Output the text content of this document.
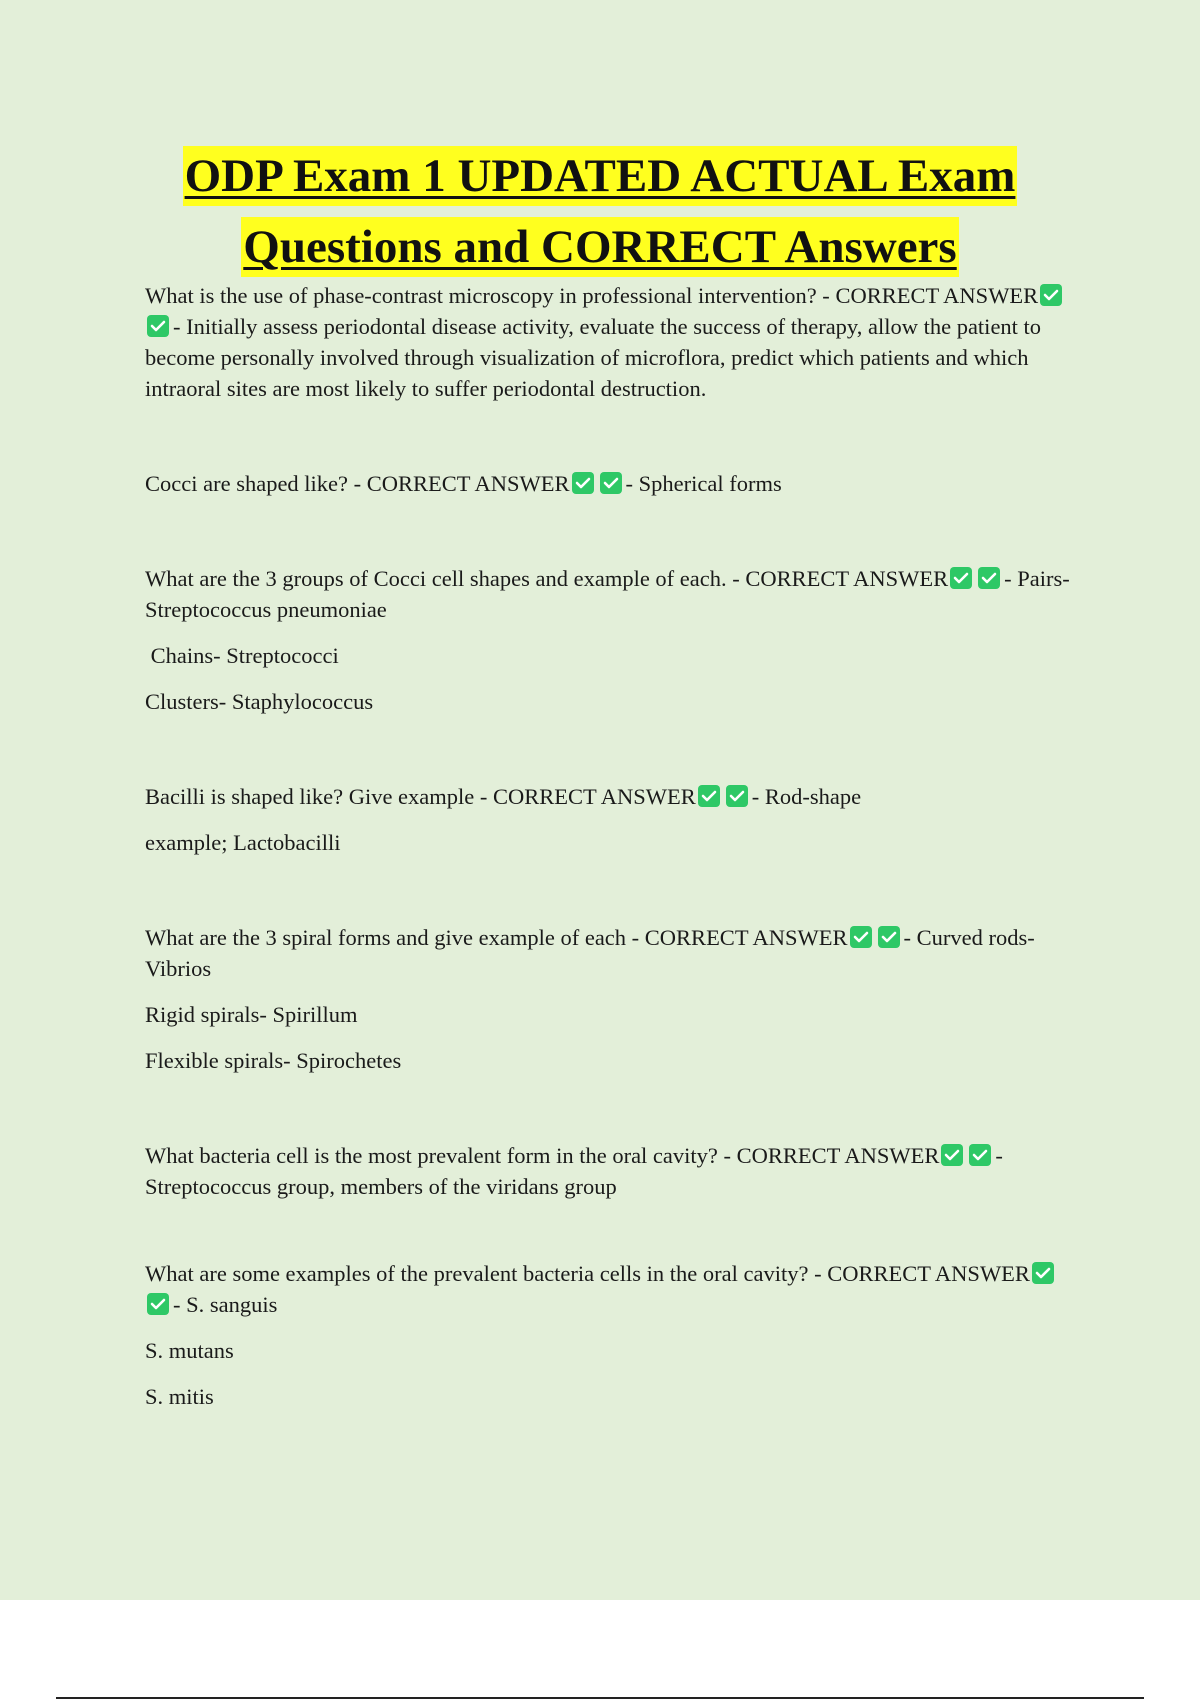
ODP Exam 1 UPDATED ACTUAL Exam
Questions and CORRECT Answers

What is the use of phase-contrast microscopy in professional intervention? - CORRECT ANSWER
- Initially assess periodontal disease activity, evaluate the success of therapy, allow the patient to become personally involved through visualization of microflora, predict which patients and which intraoral sites are most likely to suffer periodontal destruction.

Cocci are shaped like? - CORRECT ANSWER - Spherical forms

What are the 3 groups of Cocci cell shapes and example of each. - CORRECT ANSWER - Pairs- Streptococcus pneumoniae

Chains- Streptococci

Clusters- Staphylococcus

Bacilli is shaped like? Give example - CORRECT ANSWER - Rod-shape

example; Lactobacilli

What are the 3 spiral forms and give example of each - CORRECT ANSWER - Curved rods- Vibrios

Rigid spirals- Spirillum

Flexible spirals- Spirochetes

What bacteria cell is the most prevalent form in the oral cavity? - CORRECT ANSWER - Streptococcus group, members of the viridans group

What are some examples of the prevalent bacteria cells in the oral cavity? - CORRECT ANSWER
- S. sanguis

S. mutans

S. mitis
